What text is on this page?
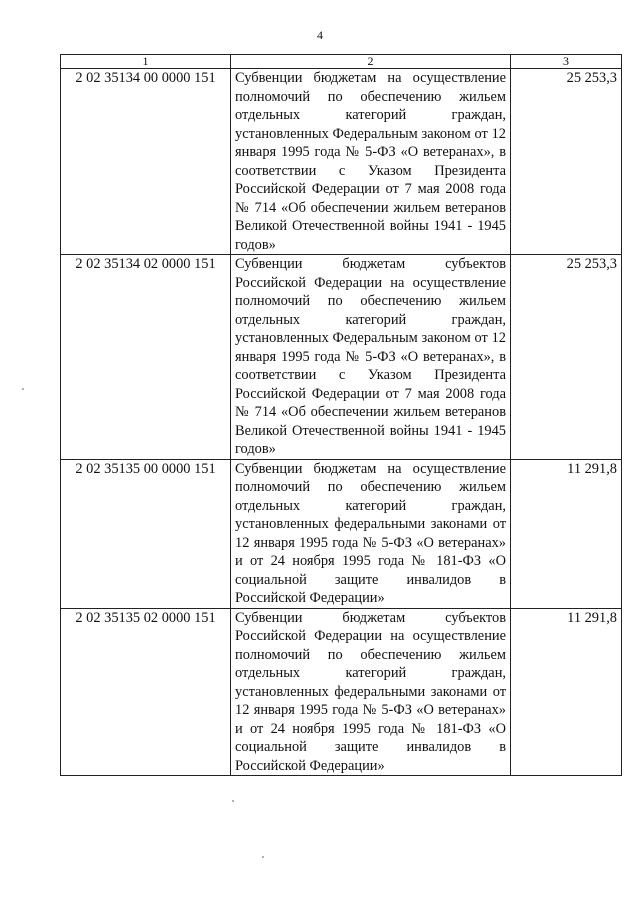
4
1	2	3
2 02 35134 00 0000 151	Субвенции бюджетам на осуществление полномочий по обеспечению жильем отдельных категорий граждан, установленных Федеральным законом от 12 января 1995 года № 5-ФЗ «О ветеранах», в соответствии с Указом Президента Российской Федерации от 7 мая 2008 года № 714 «Об обеспечении жильем ветеранов Великой Отечественной войны 1941 - 1945 годов»	25 253,3
2 02 35134 02 0000 151	Субвенции бюджетам субъектов Российской Федерации на осуществление полномочий по обеспечению жильем отдельных категорий граждан, установленных Федеральным законом от 12 января 1995 года № 5-ФЗ «О ветеранах», в соответствии с Указом Президента Российской Федерации от 7 мая 2008 года № 714 «Об обеспечении жильем ветеранов Великой Отечественной войны 1941 - 1945 годов»	25 253,3
2 02 35135 00 0000 151	Субвенции бюджетам на осуществление полномочий по обеспечению жильем отдельных категорий граждан, установленных федеральными законами от 12 января 1995 года № 5-ФЗ «О ветеранах» и от 24 ноября 1995 года № 181-ФЗ «О социальной защите инвалидов в Российской Федерации»	11 291,8
2 02 35135 02 0000 151	Субвенции бюджетам субъектов Российской Федерации на осуществление полномочий по обеспечению жильем отдельных категорий граждан, установленных федеральными законами от 12 января 1995 года № 5-ФЗ «О ветеранах» и от 24 ноября 1995 года № 181-ФЗ «О социальной защите инвалидов в Российской Федерации»	11 291,8
